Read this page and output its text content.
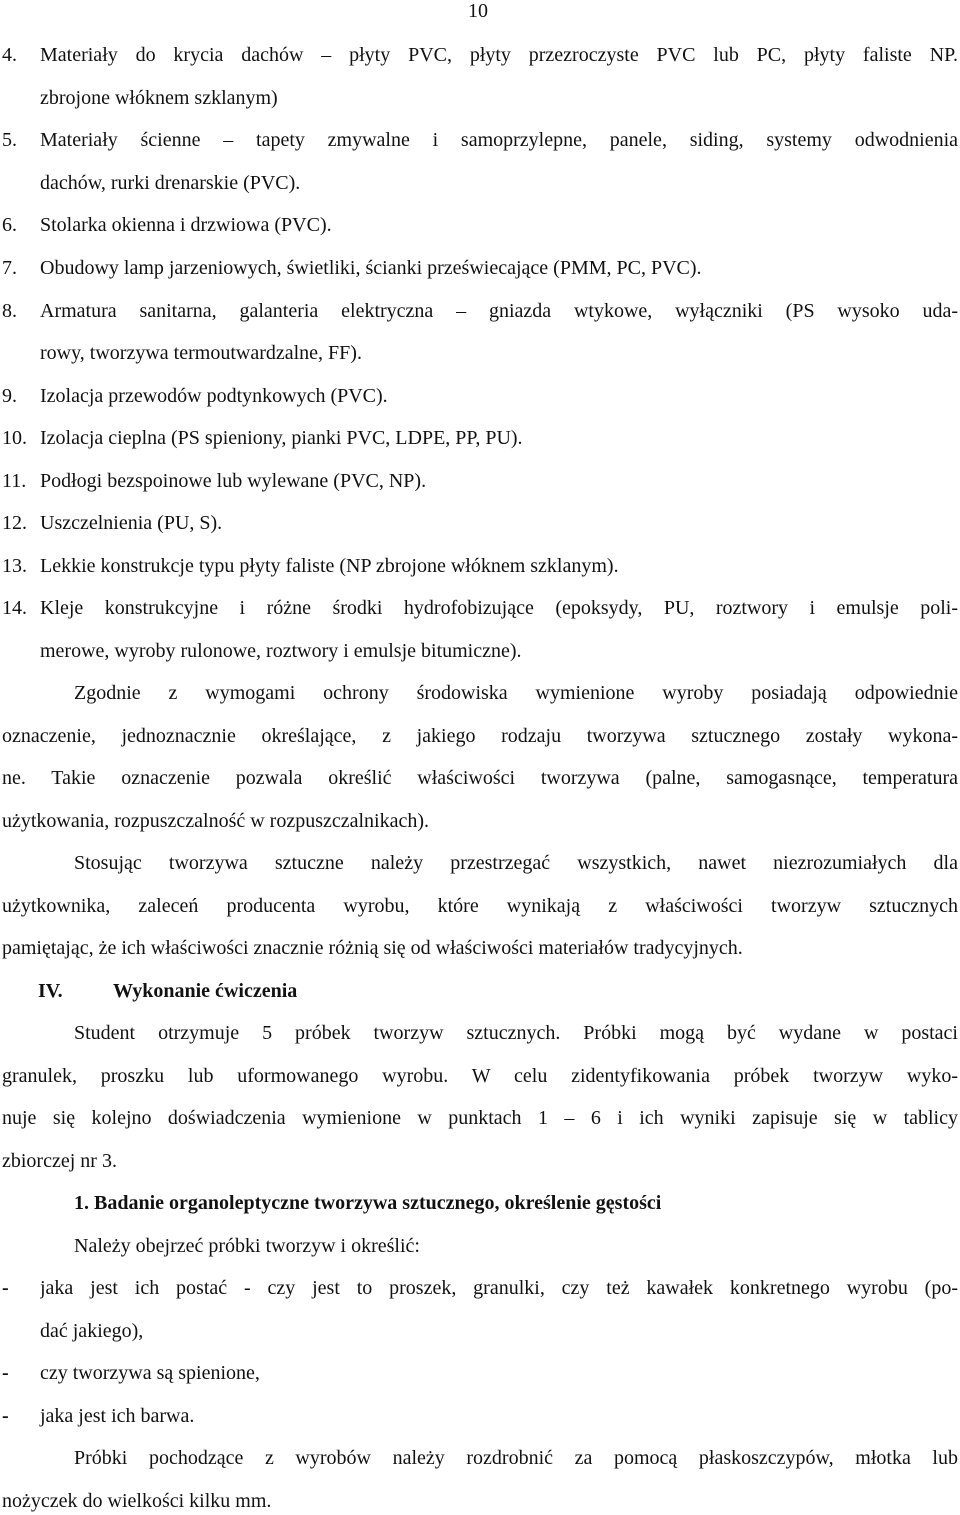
10
4. Materiały do krycia dachów – płyty PVC, płyty przezroczyste PVC lub PC, płyty faliste NP.
zbrojone włóknem szklanym)
5. Materiały ścienne – tapety zmywalne i samoprzylepne, panele, siding, systemy odwodnienia
dachów, rurki drenarskie (PVC).
6. Stolarka okienna i drzwiowa (PVC).
7. Obudowy lamp jarzeniowych, świetliki, ścianki przeświecające (PMM, PC, PVC).
8. Armatura sanitarna, galanteria elektryczna – gniazda wtykowe, wyłączniki (PS wysoko uda-
rowy, tworzywa termoutwardzalne, FF).
9. Izolacja przewodów podtynkowych (PVC).
10. Izolacja cieplna (PS spieniony, pianki PVC, LDPE, PP, PU).
11. Podłogi bezspoinowe lub wylewane (PVC, NP).
12. Uszczelnienia (PU, S).
13. Lekkie konstrukcje typu płyty faliste (NP zbrojone włóknem szklanym).
14. Kleje konstrukcyjne i różne środki hydrofobizujące (epoksydy, PU, roztwory i emulsje poli-
merowe, wyroby rulonowe, roztwory i emulsje bitumiczne).
Zgodnie z wymogami ochrony środowiska wymienione wyroby posiadają odpowiednie
oznaczenie, jednoznacznie określające, z jakiego rodzaju tworzywa sztucznego zostały wykona-
ne. Takie oznaczenie pozwala określić właściwości tworzywa (palne, samogasnące, temperatura
użytkowania, rozpuszczalność w rozpuszczalnikach).
Stosując tworzywa sztuczne należy przestrzegać wszystkich, nawet niezrozumiałych dla
użytkownika, zaleceń producenta wyrobu, które wynikają z właściwości tworzyw sztucznych
pamiętając, że ich właściwości znacznie różnią się od właściwości materiałów tradycyjnych.
IV.	Wykonanie ćwiczenia
Student otrzymuje 5 próbek tworzyw sztucznych. Próbki mogą być wydane w postaci
granulek, proszku lub uformowanego wyrobu. W celu zidentyfikowania próbek tworzyw wyko-
nuje się kolejno doświadczenia wymienione w punktach 1 – 6 i ich wyniki zapisuje się w tablicy
zbiorczej nr 3.
1. Badanie organoleptyczne tworzywa sztucznego, określenie gęstości
Należy obejrzeć próbki tworzyw i określić:
- jaka jest ich postać - czy jest to proszek, granulki, czy też kawałek konkretnego wyrobu (po-
dać jakiego),
- czy tworzywa są spienione,
- jaka jest ich barwa.
Próbki pochodzące z wyrobów należy rozdrobnić za pomocą płaskoszczypów, młotka lub
nożyczek do wielkości kilku mm.
